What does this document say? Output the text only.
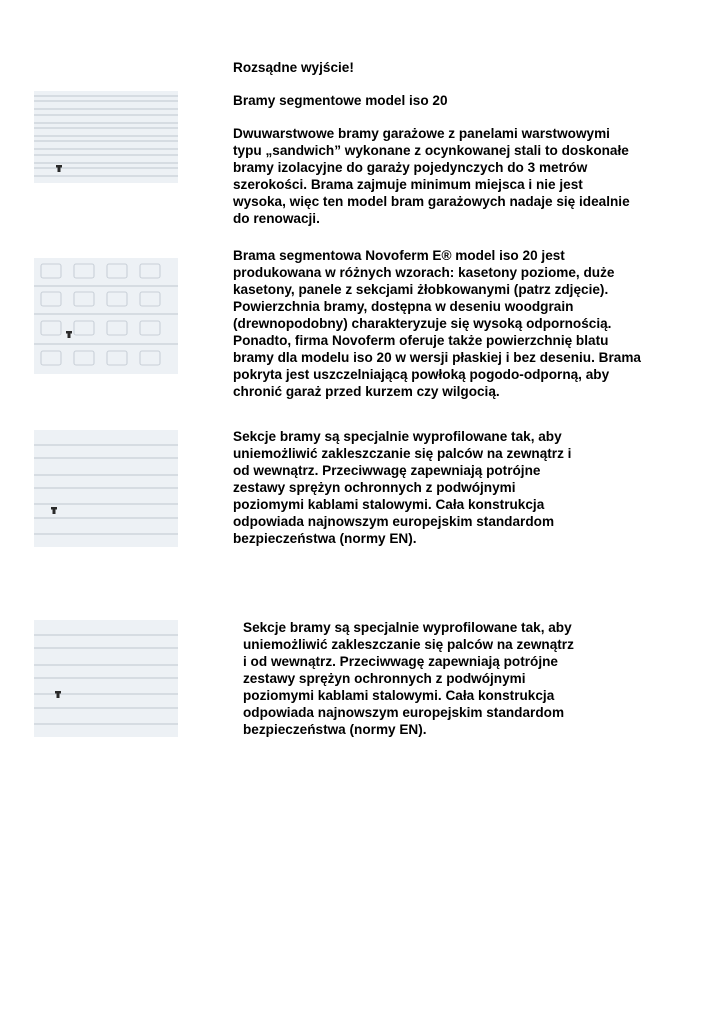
Rozsądne wyjście!

Bramy segmentowe model iso 20

Dwuwarstwowe bramy garażowe z panelami warstwowymi

typu „sandwich” wykonane z ocynkowanej stali to doskonałe

bramy izolacyjne do garaży pojedynczych do 3 metrów

szerokości. Brama zajmuje minimum miejsca i nie jest

wysoka, więc ten model bram garażowych nadaje się idealnie

do renowacji.

Brama segmentowa Novoferm E® model iso 20 jest

produkowana w różnych wzorach: kasetony poziome, duże

kasetony, panele z sekcjami żłobkowanymi (patrz zdjęcie).

Powierzchnia bramy, dostępna w deseniu woodgrain

(drewnopodobny) charakteryzuje się wysoką odpornością.

Ponadto, firma Novoferm oferuje także powierzchnię blatu

bramy dla modelu iso 20 w wersji płaskiej i bez deseniu. Brama

pokryta jest uszczelniającą powłoką pogodo-odporną, aby

chronić garaż przed kurzem czy wilgocią.

Sekcje bramy są specjalnie wyprofilowane tak, aby

uniemożliwić zakleszczanie się palców na zewnątrz i

od wewnątrz. Przeciwwagę zapewniają potrójne

zestawy sprężyn ochronnych z podwójnymi

poziomymi kablami stalowymi. Cała konstrukcja

odpowiada najnowszym europejskim standardom

bezpieczeństwa (normy EN).

Sekcje bramy są specjalnie wyprofilowane tak, aby

uniemożliwić zakleszczanie się palców na zewnątrz

i od wewnątrz. Przeciwwagę zapewniają potrójne

zestawy sprężyn ochronnych z podwójnymi

poziomymi kablami stalowymi. Cała konstrukcja

odpowiada najnowszym europejskim standardom

bezpieczeństwa (normy EN).
